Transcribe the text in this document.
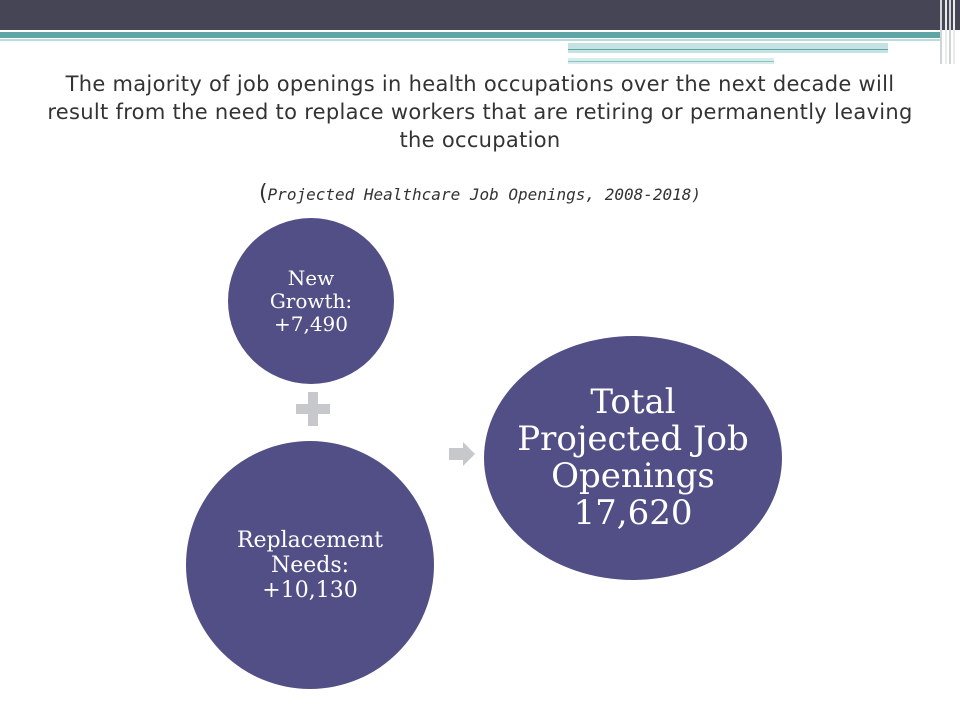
The majority of job openings in health occupations over the next decade will result from the need to replace workers that are retiring or permanently leaving the occupation
(Projected Healthcare Job Openings, 2008-2018)
New Growth:
+7,490
Replacement Needs:
+10,130
Total Projected Job Openings
17,620
